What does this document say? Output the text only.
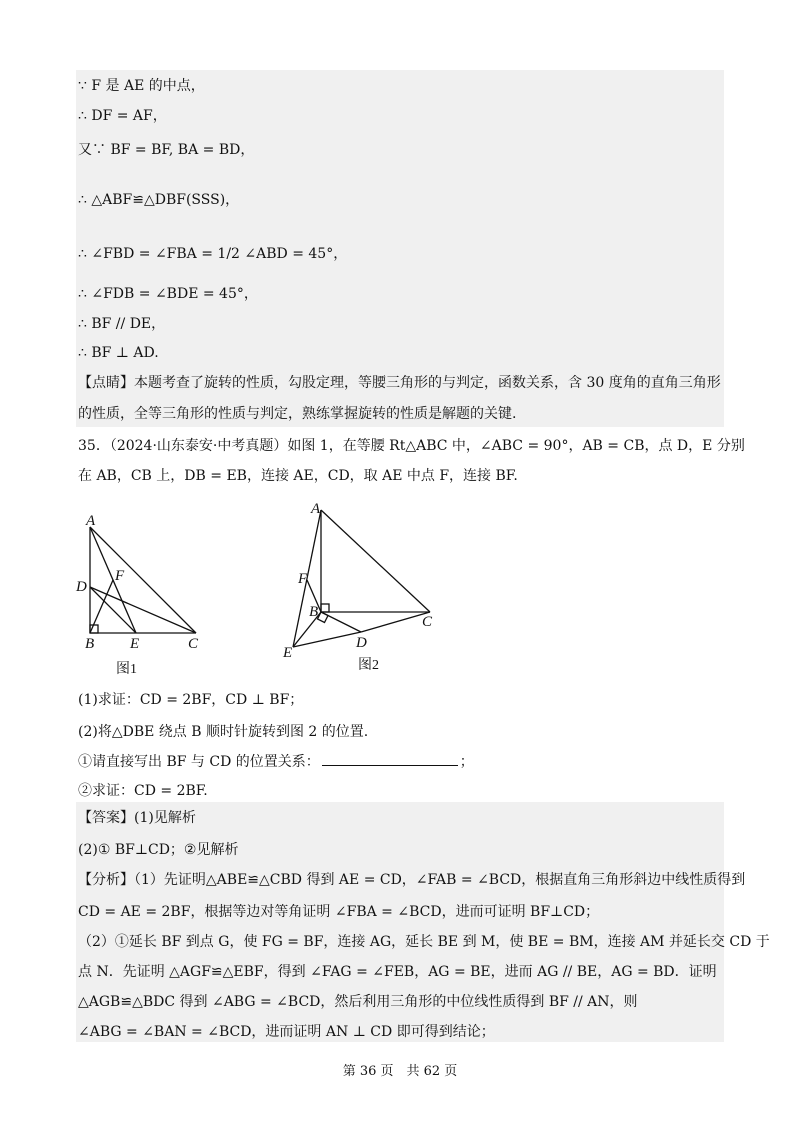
∵ F 是 AE 的中点，
∴ DF = AF，
又∵ BF = BF, BA = BD，
∴ △ABF≌△DBF(SSS)，
∴ ∠FBD = ∠FBA = 1/2 ∠ABD = 45°，
∴ ∠FDB = ∠BDE = 45°，
∴ BF // DE，
∴ BF ⊥ AD.
【点睛】本题考查了旋转的性质，勾股定理，等腰三角形的与判定，函数关系，含 30 度角的直角三角形
的性质，全等三角形的性质与判定，熟练掌握旋转的性质是解题的关键.
35．（2024·山东泰安·中考真题）如图 1，在等腰 Rt△ABC 中，∠ABC = 90°，AB = CB，点 D，E 分别
在 AB，CB 上，DB = EB，连接 AE，CD，取 AE 中点 F，连接 BF.
A
D
F
B E	C
图1
A
F
B
C
D
E
图2
(1)求证：CD = 2BF，CD ⊥ BF；
(2)将△DBE 绕点 B 顺时针旋转到图 2 的位置.
①请直接写出 BF 与 CD 的位置关系：	；
②求证：CD = 2BF.
【答案】(1)见解析
(2)① BF⊥CD；②见解析
【分析】（1）先证明△ABE≌△CBD 得到 AE = CD，∠FAB = ∠BCD，根据直角三角形斜边中线性质得到
CD = AE = 2BF，根据等边对等角证明 ∠FBA = ∠BCD，进而可证明 BF⊥CD；
（2）①延长 BF 到点 G，使 FG = BF，连接 AG，延长 BE 到 M，使 BE = BM，连接 AM 并延长交 CD 于
点 N．先证明 △AGF≌△EBF，得到 ∠FAG = ∠FEB，AG = BE，进而 AG // BE，AG = BD．证明
△AGB≌△BDC 得到 ∠ABG = ∠BCD，然后利用三角形的中位线性质得到 BF // AN，则
∠ABG = ∠BAN = ∠BCD，进而证明 AN ⊥ CD 即可得到结论；
第 36 页　共 62 页
